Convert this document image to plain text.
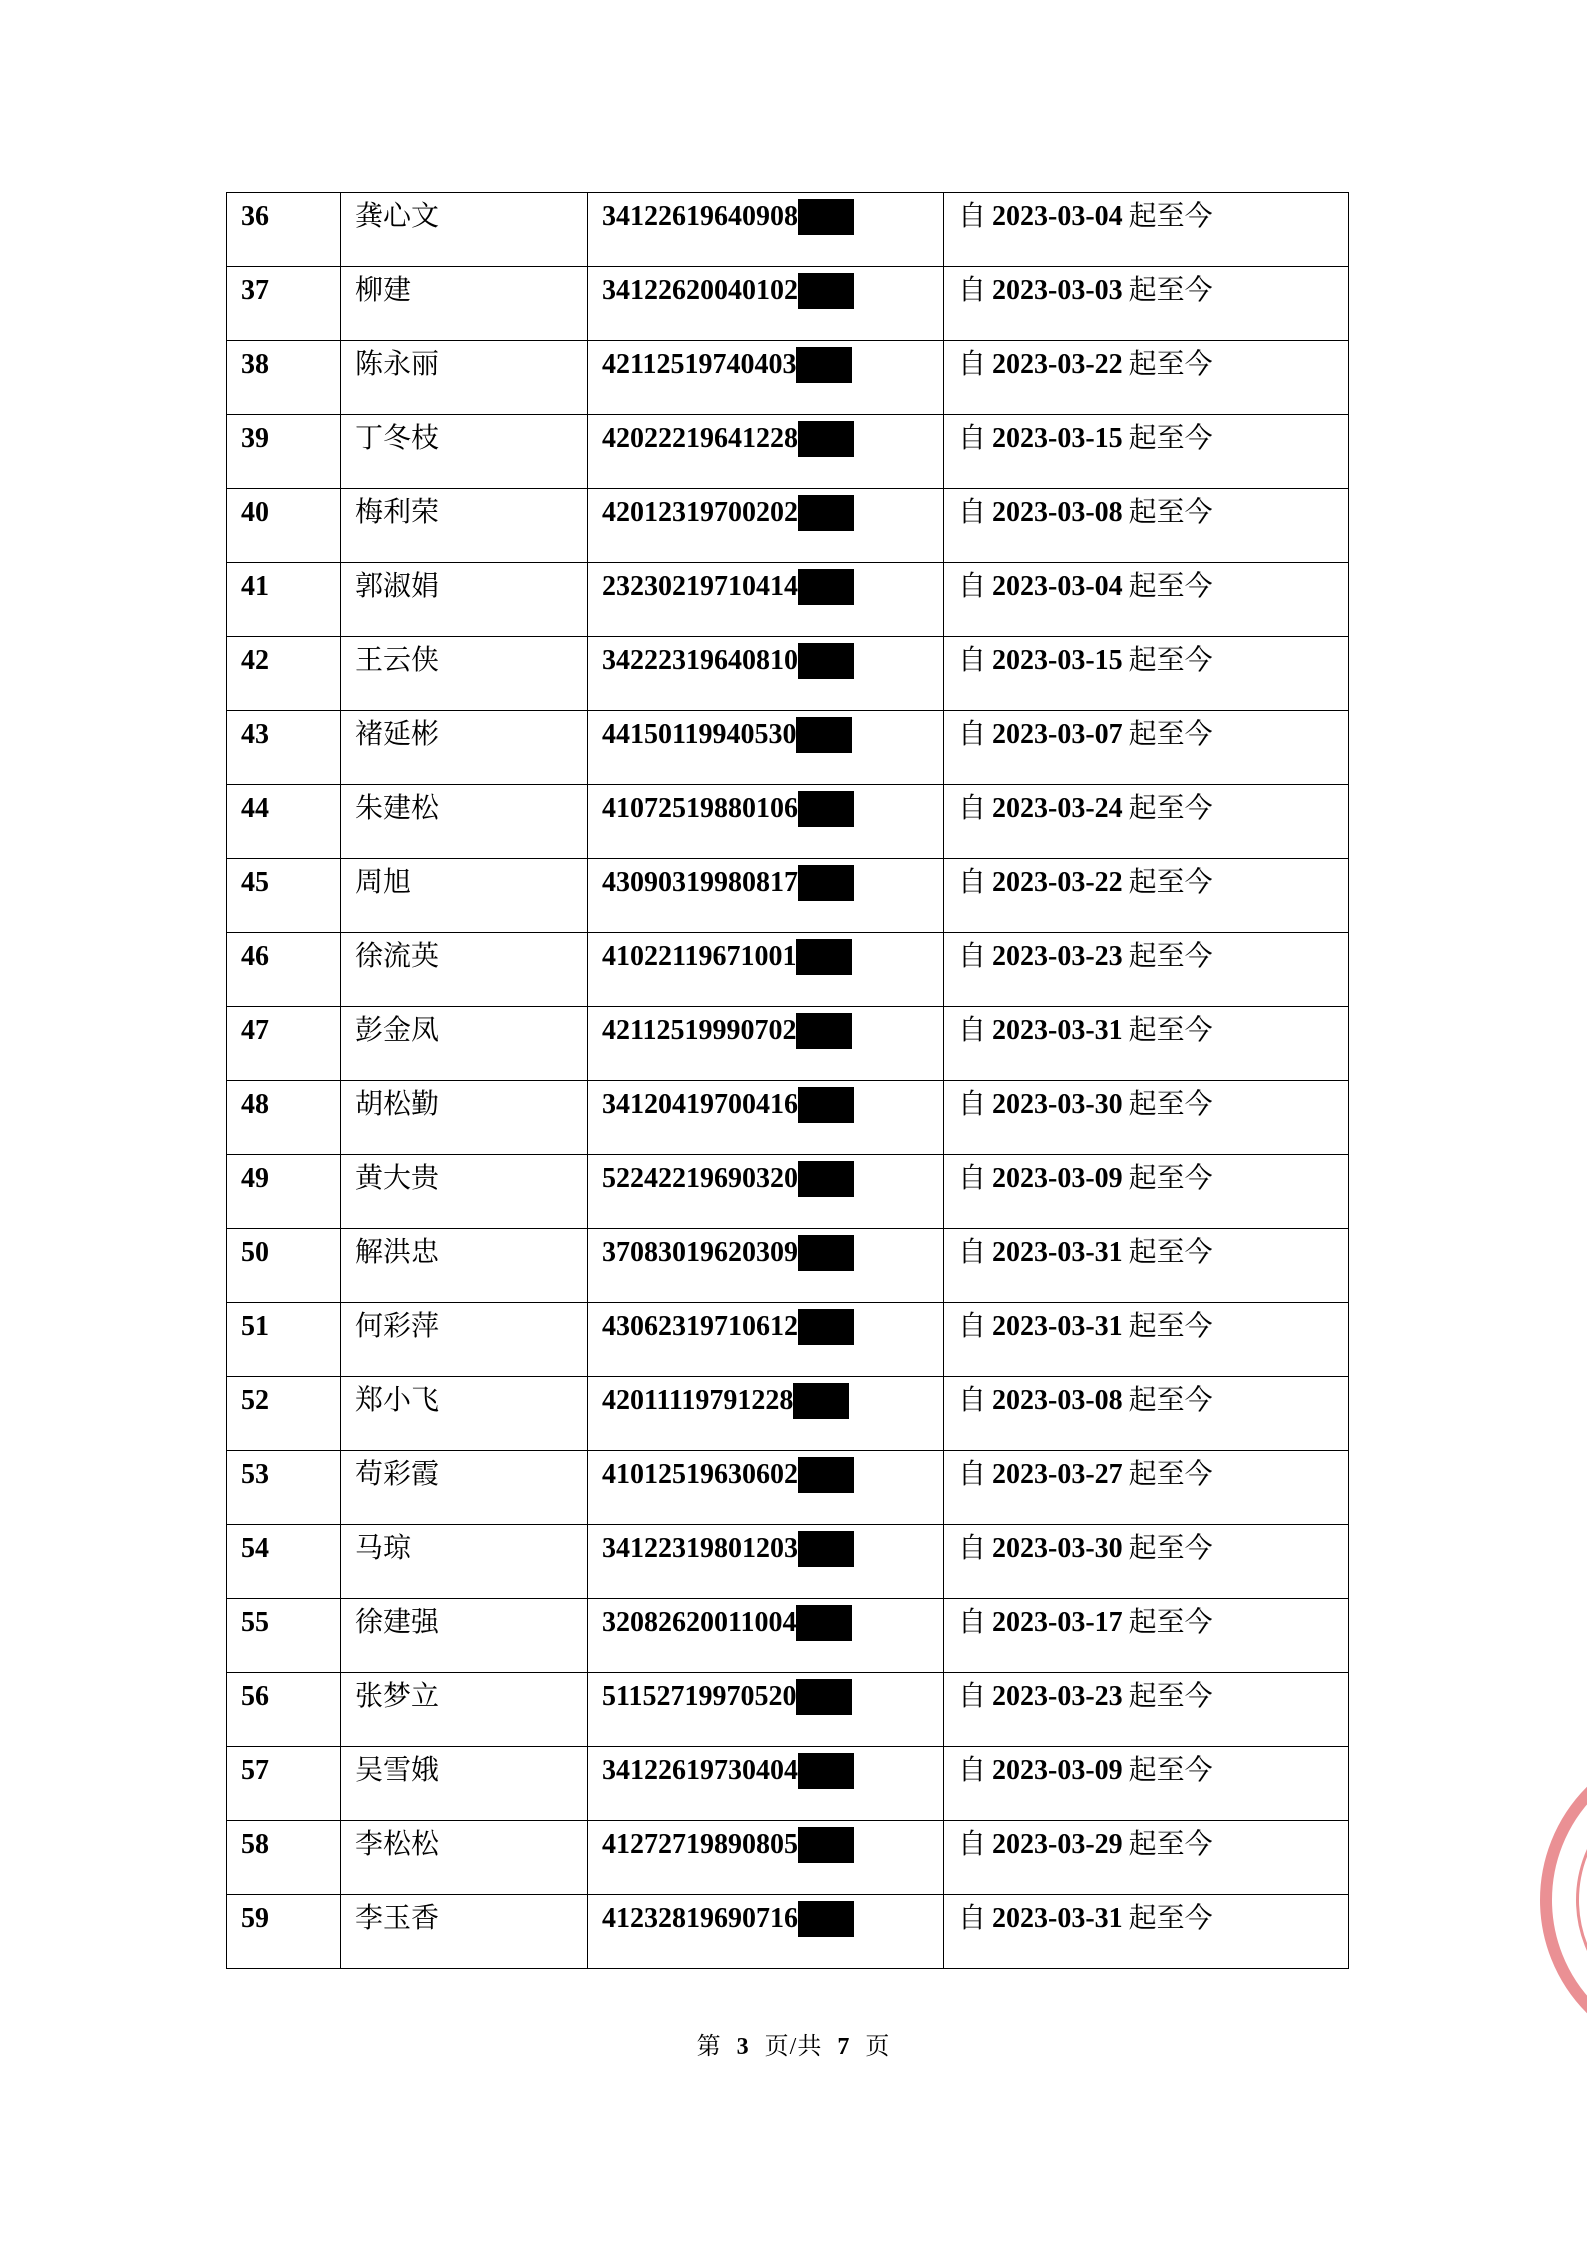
36	龚心文	34122619640908	自 2023-03-04 起至今
37	柳建	34122620040102	自 2023-03-03 起至今
38	陈永丽	42112519740403	自 2023-03-22 起至今
39	丁冬枝	42022219641228	自 2023-03-15 起至今
40	梅利荣	42012319700202	自 2023-03-08 起至今
41	郭淑娟	23230219710414	自 2023-03-04 起至今
42	王云侠	34222319640810	自 2023-03-15 起至今
43	褚延彬	44150119940530	自 2023-03-07 起至今
44	朱建松	41072519880106	自 2023-03-24 起至今
45	周旭	43090319980817	自 2023-03-22 起至今
46	徐流英	41022119671001	自 2023-03-23 起至今
47	彭金凤	42112519990702	自 2023-03-31 起至今
48	胡松勤	34120419700416	自 2023-03-30 起至今
49	黄大贵	52242219690320	自 2023-03-09 起至今
50	解洪忠	37083019620309	自 2023-03-31 起至今
51	何彩萍	43062319710612	自 2023-03-31 起至今
52	郑小飞	42011119791228	自 2023-03-08 起至今
53	苟彩霞	41012519630602	自 2023-03-27 起至今
54	马琼	34122319801203	自 2023-03-30 起至今
55	徐建强	32082620011004	自 2023-03-17 起至今
56	张梦立	51152719970520	自 2023-03-23 起至今
57	吴雪娥	34122619730404	自 2023-03-09 起至今
58	李松松	41272719890805	自 2023-03-29 起至今
59	李玉香	41232819690716	自 2023-03-31 起至今
第 3 页/共 7 页
